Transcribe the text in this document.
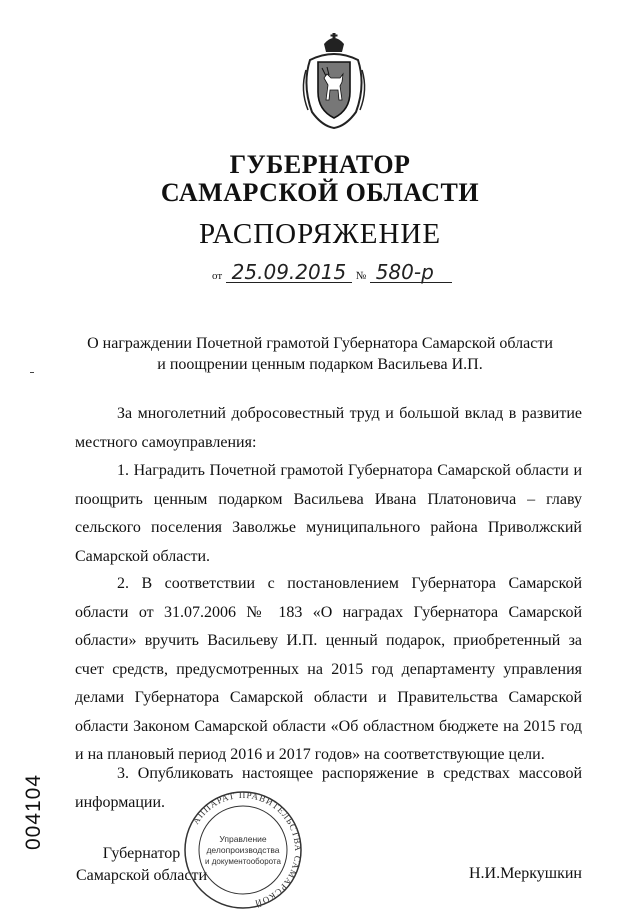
ГУБЕРНАТОР
САМАРСКОЙ ОБЛАСТИ
РАСПОРЯЖЕНИЕ
от 25.09.2015 № 580-р
О награждении Почетной грамотой Губернатора Самарской области
и поощрении ценным подарком Васильева И.П.
За многолетний добросовестный труд и большой вклад в развитие местного самоуправления:
1. Наградить Почетной грамотой Губернатора Самарской области и поощрить ценным подарком Васильева Ивана Платоновича – главу сельского поселения Заволжье муниципального района Приволжский Самарской области.
2. В соответствии с постановлением Губернатора Самарской области от 31.07.2006 № 183 «О наградах Губернатора Самарской области» вручить Васильеву И.П. ценный подарок, приобретенный за счет средств, предусмотренных на 2015 год департаменту управления делами Губернатора Самарской области и Правительства Самарской области Законом Самарской области «Об областном бюджете на 2015 год и на плановый период 2016 и 2017 годов» на соответствующие цели.
3. Опубликовать настоящее распоряжение в средствах массовой информации.
004104
Губернатор
Самарской области
АППАРАТ ПРАВИТЕЛЬСТВА САМАРСКОЙ
Управление
делопроизводства
и документооборота
Н.И.Меркушкин
